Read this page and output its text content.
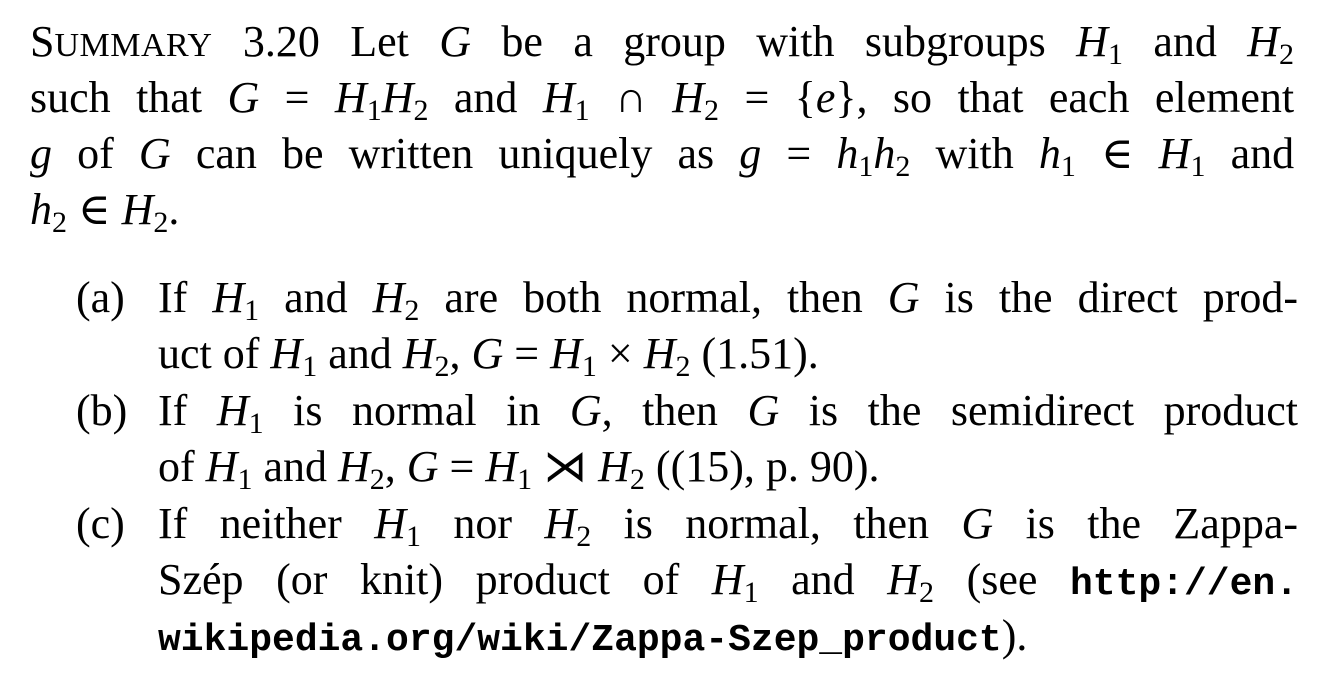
SUMMARY 3.20 Let G be a group with subgroups $H_1$ and $H_2$
such that $G = H_1H_2$ and $H_1$ ∩ $H_2 = \{e\}$, so that each element
g of G can be written uniquely as $g = h_1h_2$ with $h_1$ ∈ $H_1$ and
$h_2$ ∈ $H_2$.
(a) If $H_1$ and $H_2$ are both normal, then G is the direct prod-
uct of $H_1$ and $H_2$, $G = H_1 \times H_2$ (1.51).
(b) If $H_1$ is normal in G, then G is the semidirect product
of $H_1$ and $H_2$, $G = H_1$ ⋊ $H_2$ ((15), p. 90).
(c) If neither $H_1$ nor $H_2$ is normal, then G is the Zappa-
Szép (or knit) product of $H_1$ and $H_2$ (see http://en.
wikipedia.org/wiki/Zappa-Szep_product).
